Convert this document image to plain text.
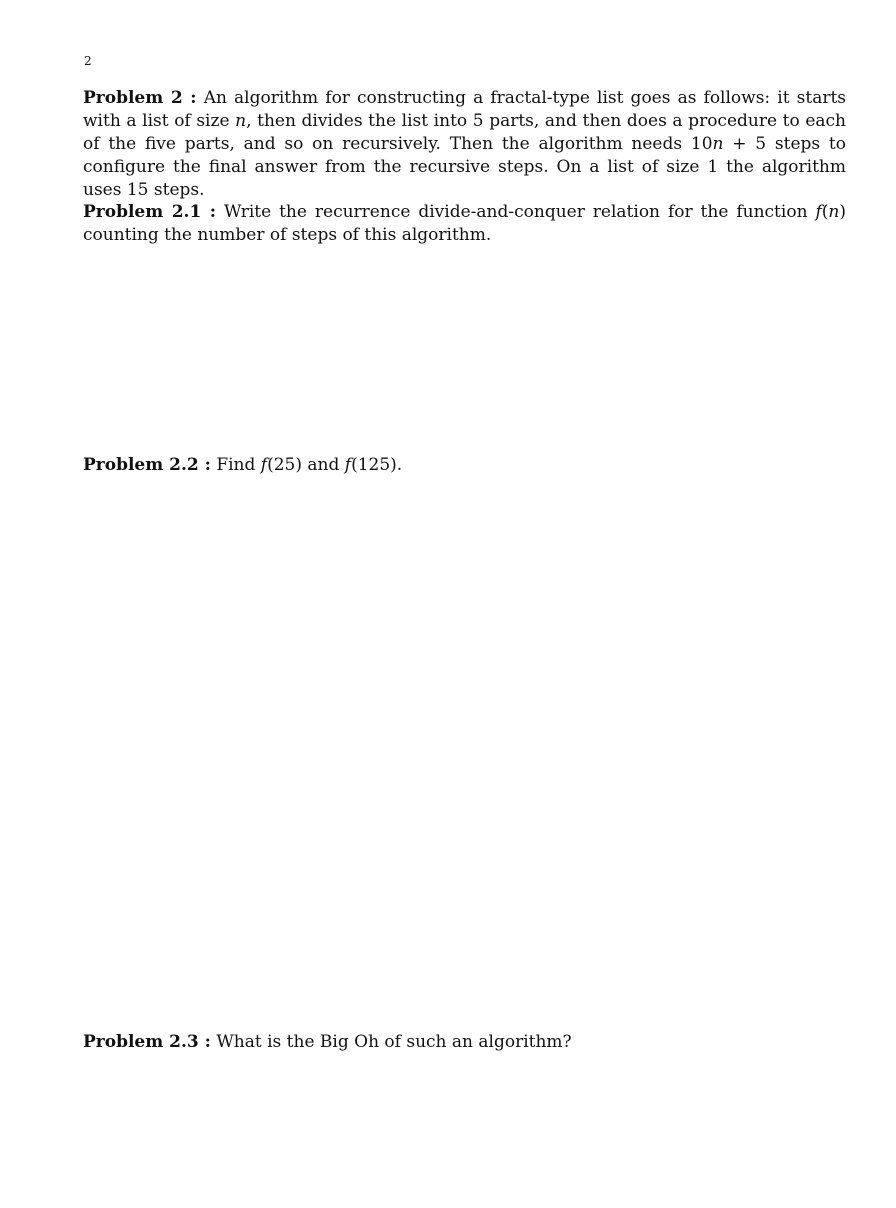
2
Problem 2 : An algorithm for constructing a fractal-type list goes as follows: it starts with a list of size n, then divides the list into 5 parts, and then does a procedure to each of the five parts, and so on recursively. Then the algorithm needs 10n + 5 steps to configure the final answer from the recursive steps. On a list of size 1 the algorithm uses 15 steps.
Problem 2.1 : Write the recurrence divide-and-conquer relation for the function f(n) counting the number of steps of this algorithm.
Problem 2.2 : Find f(25) and f(125).
Problem 2.3 : What is the Big Oh of such an algorithm?
